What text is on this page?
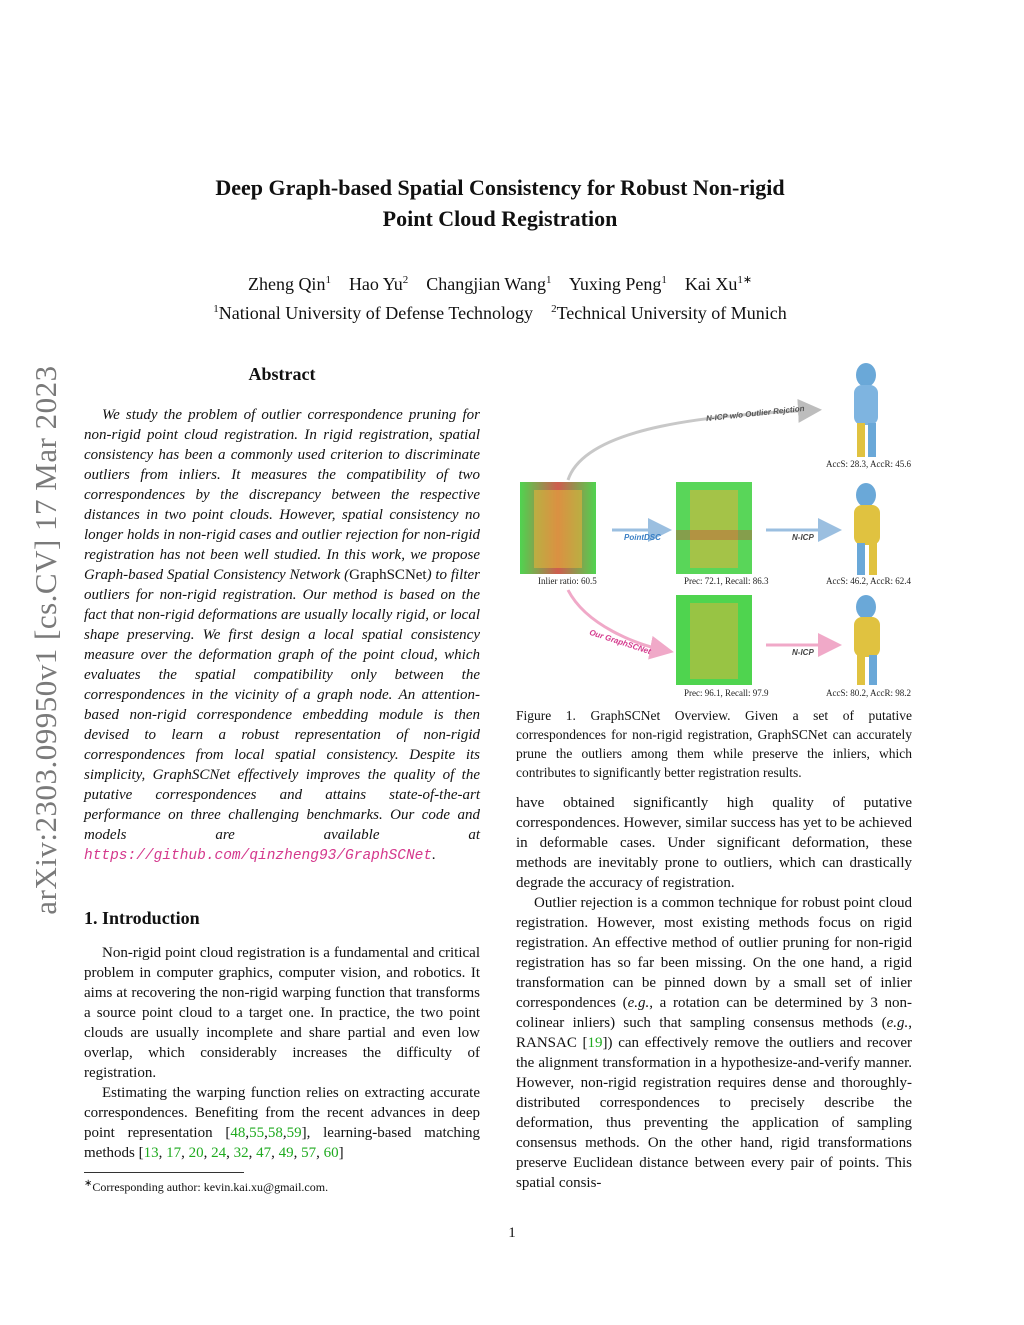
arXiv:2303.09950v1 [cs.CV] 17 Mar 2023
Deep Graph-based Spatial Consistency for Robust Non-rigid
Point Cloud Registration
Zheng Qin$^1$ Hao Yu$^2$ Changjian Wang$^1$ Yuxing Peng$^1$ Kai $Xu^{1∗}$
$^1$National University of Defense Technology $^2$Technical University of Munich
Abstract

We study the problem of outlier correspondence pruning for non-rigid point cloud registration. In rigid registration, spatial consistency has been a commonly used criterion to discriminate outliers from inliers. It measures the compatibility of two correspondences by the discrepancy between the respective distances in two point clouds. However, spatial consistency no longer holds in non-rigid cases and outlier rejection for non-rigid registration has not been well studied. In this work, we propose Graph-based Spatial Consistency Network (GraphSCNet) to filter outliers for non-rigid registration. Our method is based on the fact that non-rigid deformations are usually locally rigid, or local shape preserving. We first design a local spatial consistency measure over the deformation graph of the point cloud, which evaluates the spatial compatibility only between the correspondences in the vicinity of a graph node. An attention-based non-rigid correspondence embedding module is then devised to learn a robust representation of non-rigid correspondences from local spatial consistency. Despite its simplicity, GraphSCNet effectively improves the quality of the putative correspondences and attains state-of-the-art performance on three challenging benchmarks. Our code and models are available at https://github.com/qinzheng93/GraphSCNet.

1. Introduction

Non-rigid point cloud registration is a fundamental and critical problem in computer graphics, computer vision, and robotics. It aims at recovering the non-rigid warping function that transforms a source point cloud to a target one. In practice, the two point clouds are usually incomplete and share partial and even low overlap, which considerably increases the difficulty of registration.

Estimating the warping function relies on extracting accurate correspondences. Benefiting from the recent advances in deep point representation [48,55,58,59], learning-based matching methods [13, 17, 20, 24, 32, 47, 49, 57, 60]

∗Corresponding author: kevin.kai.xu@gmail.com.
N-ICP w/o Outlier Rejction
Inlier ratio: 60.5
PointDSC
Prec: 72.1, Recall: 86.3
N-ICP
AccS: 46.2, AccR: 62.4
AccS: 28.3, AccR: 45.6
Our GraphSCNet
Prec: 96.1, Recall: 97.9
N-ICP
AccS: 80.2, AccR: 98.2
Figure 1. GraphSCNet Overview. Given a set of putative correspondences for non-rigid registration, GraphSCNet can accurately prune the outliers among them while preserve the inliers, which contributes to significantly better registration results.

have obtained significantly high quality of putative correspondences. However, similar success has yet to be achieved in deformable cases. Under significant deformation, these methods are inevitably prone to outliers, which can drastically degrade the accuracy of registration.

Outlier rejection is a common technique for robust point cloud registration. However, most existing methods focus on rigid registration. An effective method of outlier pruning for non-rigid registration has so far been missing. On the one hand, a rigid transformation can be pinned down by a small set of inlier correspondences (e.g., a rotation can be determined by 3 non-colinear inliers) such that sampling consensus methods (e.g., RANSAC [19]) can effectively remove the outliers and recover the alignment transformation in a hypothesize-and-verify manner. However, non-rigid registration requires dense and thoroughly-distributed correspondences to precisely describe the deformation, thus preventing the application of sampling consensus methods. On the other hand, rigid transformations preserve Euclidean distance between every pair of points. This spatial consis-

1
